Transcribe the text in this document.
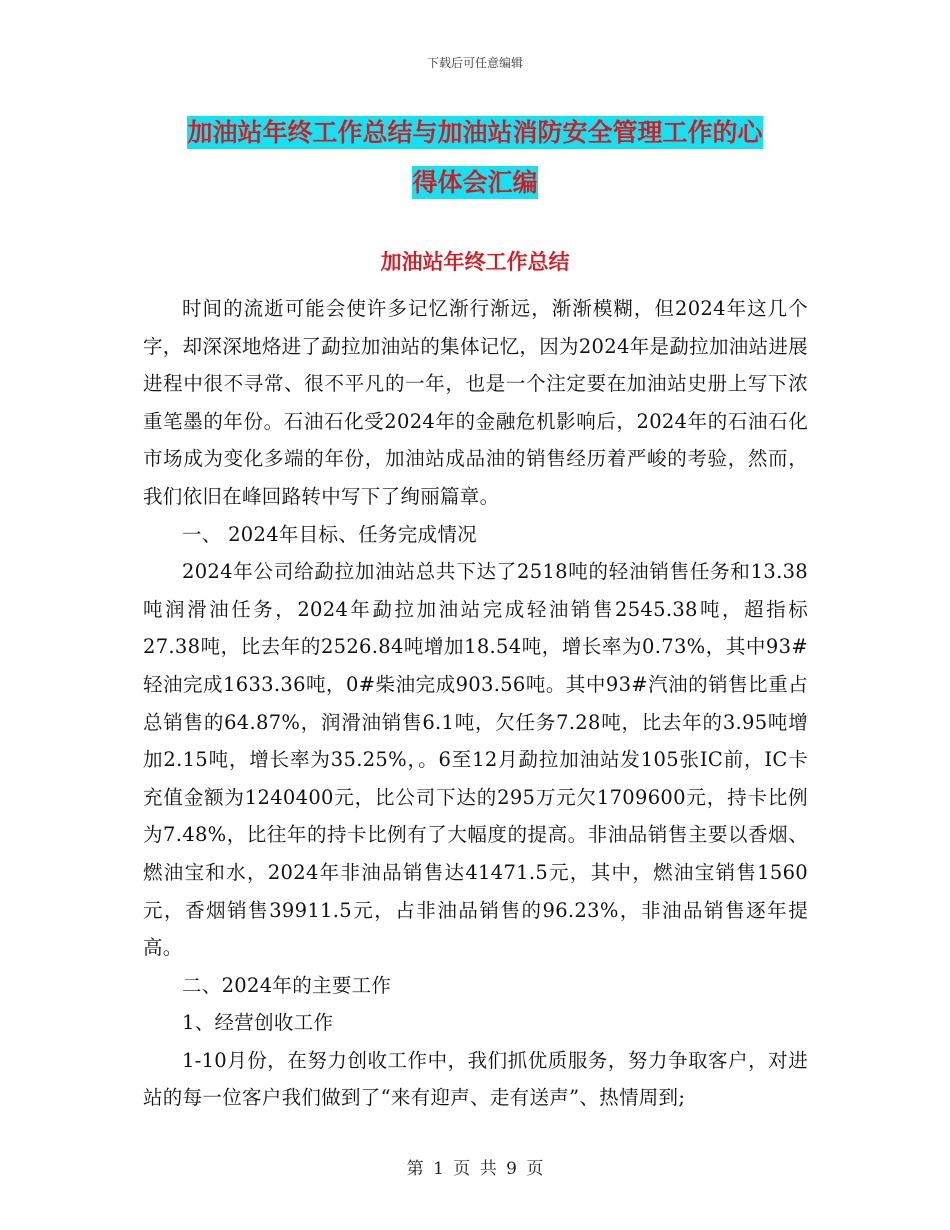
下载后可任意编辑
加油站年终工作总结与加油站消防安全管理工作的心
得体会汇编
加油站年终工作总结

时间的流逝可能会使许多记忆渐行渐远，渐渐模糊，但2024年这几个字，却深深地烙进了勐拉加油站的集体记忆，因为2024年是勐拉加油站进展进程中很不寻常、很不平凡的一年，也是一个注定要在加油站史册上写下浓重笔墨的年份。石油石化受2024年的金融危机影响后，2024年的石油石化市场成为变化多端的年份，加油站成品油的销售经历着严峻的考验，然而，我们依旧在峰回路转中写下了绚丽篇章。

一、 2024年目标、任务完成情况

2024年公司给勐拉加油站总共下达了2518吨的轻油销售任务和13.38吨润滑油任务，2024年勐拉加油站完成轻油销售2545.38吨，超指标27.38吨，比去年的2526.84吨增加18.54吨，增长率为0.73%，其中93#轻油完成1633.36吨，0#柴油完成903.56吨。其中93#汽油的销售比重占总销售的64.87%，润滑油销售6.1吨，欠任务7.28吨，比去年的3.95吨增加2.15吨，增长率为35.25%，。6至12月勐拉加油站发105张IC前，IC卡充值金额为1240400元，比公司下达的295万元欠1709600元，持卡比例为7.48%，比往年的持卡比例有了大幅度的提高。非油品销售主要以香烟、燃油宝和水，2024年非油品销售达41471.5元，其中，燃油宝销售1560元，香烟销售39911.5元，占非油品销售的96.23%，非油品销售逐年提高。

二、2024年的主要工作

1、经营创收工作

1-10月份，在努力创收工作中，我们抓优质服务，努力争取客户，对进站的每一位客户我们做到了“来有迎声、走有送声”、热情周到;

第 1 页 共 9 页
